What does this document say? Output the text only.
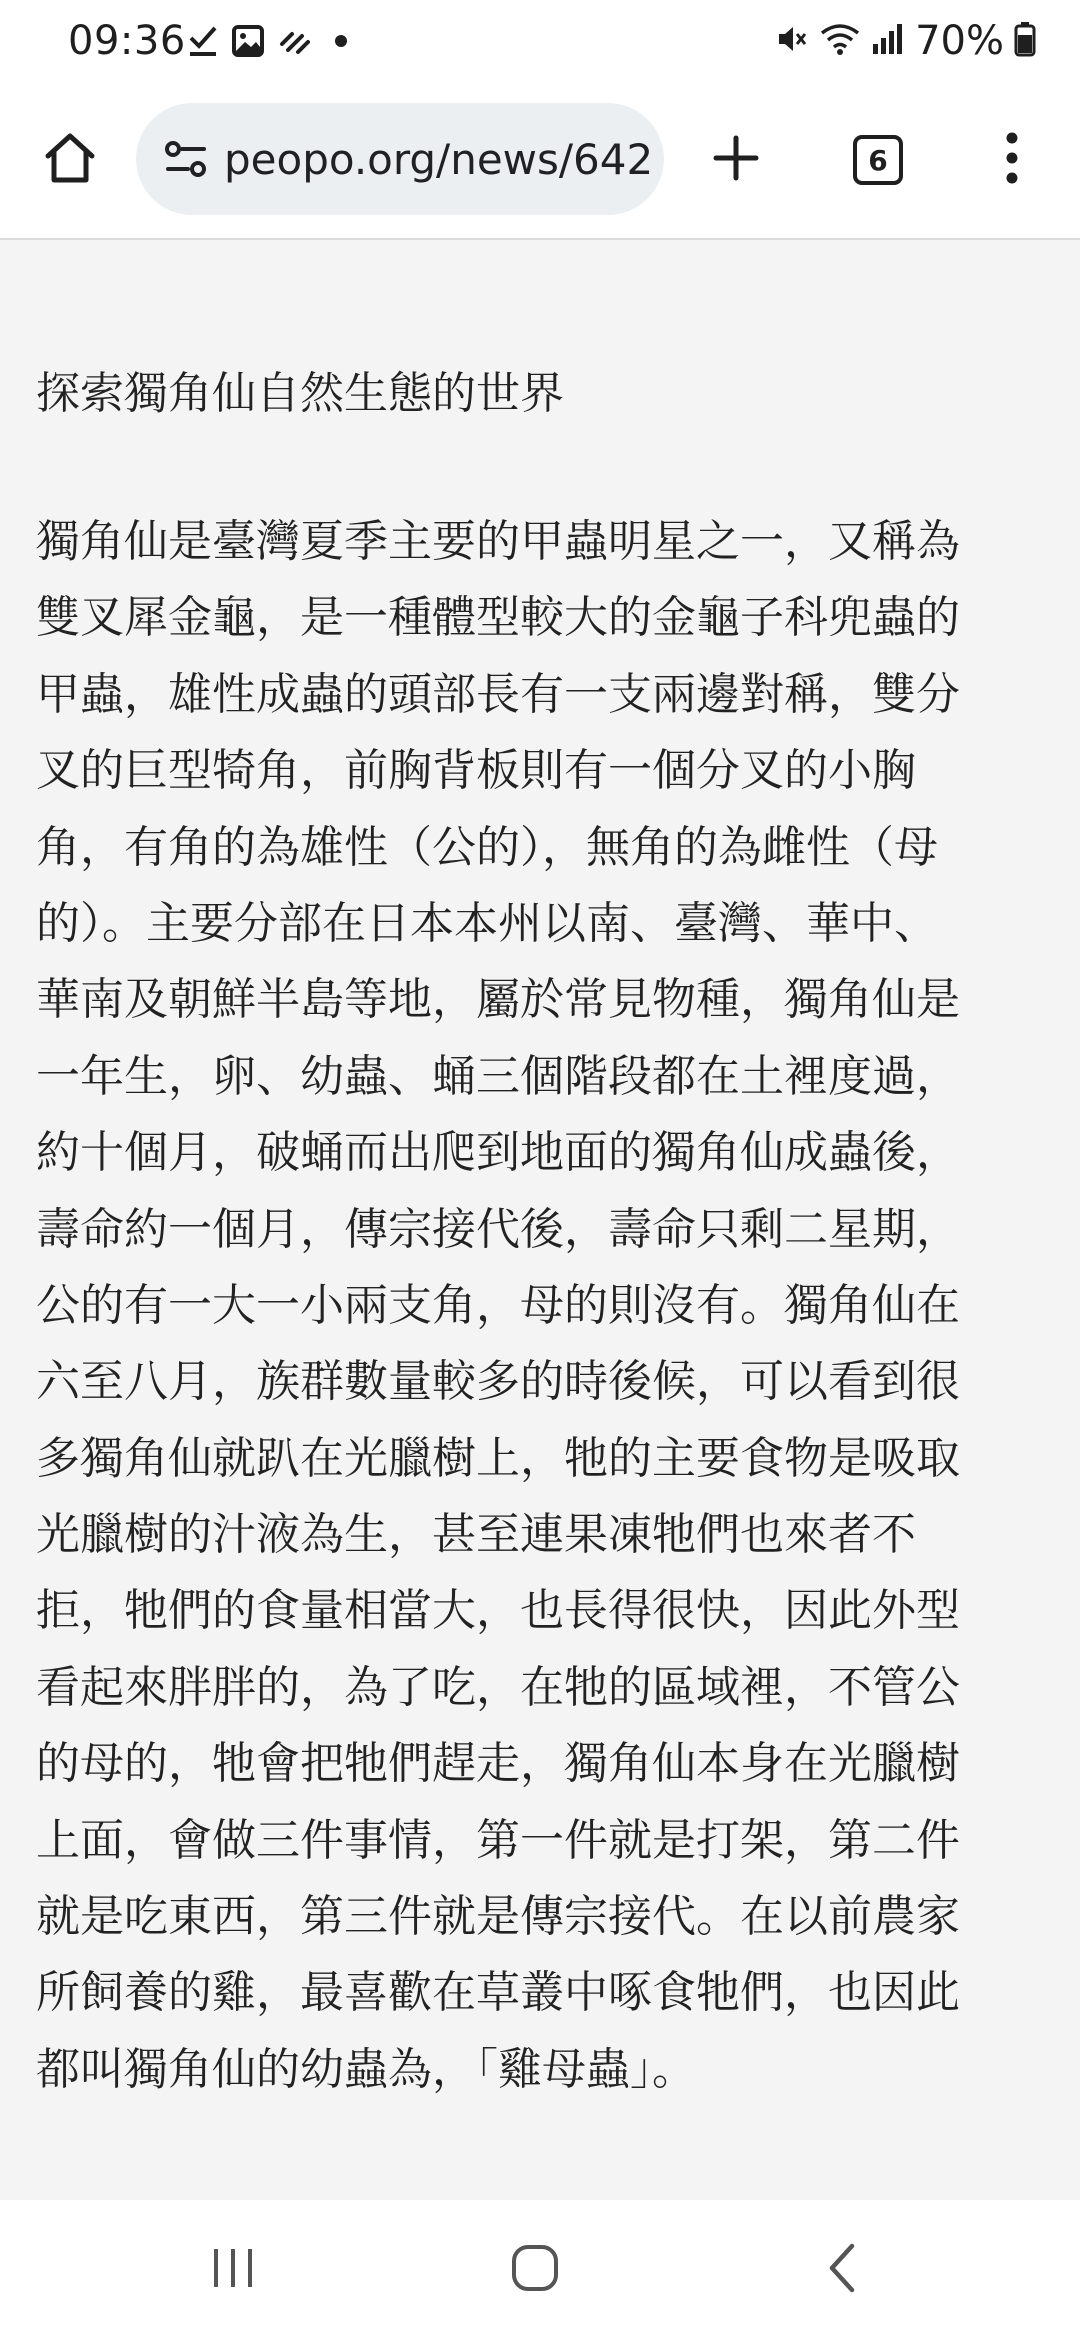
09:36	70%
peopo.org/news/642	6
探索獨角仙自然生態的世界
獨角仙是臺灣夏季主要的甲蟲明星之一，又稱為
雙叉犀金龜，是一種體型較大的金龜子科兜蟲的
甲蟲，雄性成蟲的頭部長有一支兩邊對稱，雙分
叉的巨型犄角，前胸背板則有一個分叉的小胸
角，有角的為雄性（公的），無角的為雌性（母
的）。主要分部在日本本州以南、臺灣、華中、
華南及朝鮮半島等地，屬於常見物種，獨角仙是
一年生，卵、幼蟲、蛹三個階段都在土裡度過，
約十個月，破蛹而出爬到地面的獨角仙成蟲後，
壽命約一個月，傳宗接代後，壽命只剩二星期，
公的有一大一小兩支角，母的則沒有。獨角仙在
六至八月，族群數量較多的時後候，可以看到很
多獨角仙就趴在光臘樹上，牠的主要食物是吸取
光臘樹的汁液為生，甚至連果凍牠們也來者不
拒，牠們的食量相當大，也長得很快，因此外型
看起來胖胖的，為了吃，在牠的區域裡，不管公
的母的，牠會把牠們趕走，獨角仙本身在光臘樹
上面，會做三件事情，第一件就是打架，第二件
就是吃東西，第三件就是傳宗接代。在以前農家
所飼養的雞，最喜歡在草叢中啄食牠們，也因此
都叫獨角仙的幼蟲為，「雞母蟲」。
